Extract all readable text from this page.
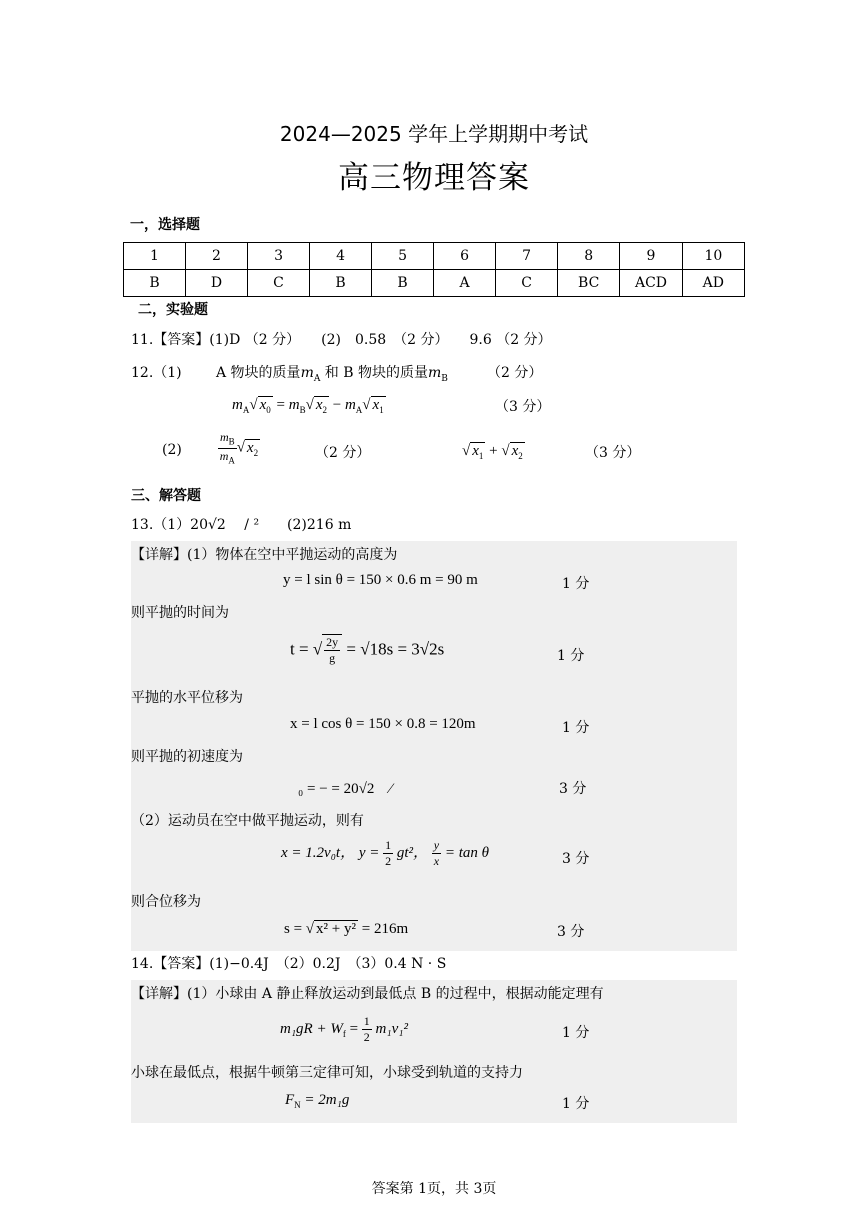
2024—2025 学年上学期期中考试
高三物理答案
一，选择题
1	2	3	4	5	6	7	8	9	10
B	D	C	B	B	A	C	BC	ACD	AD
二，实验题
11.【答案】(1)D （2 分）　　(2)　0.58　（2 分）　　9.6 （2 分）
12.（1) A 物块的质量$m_A$ 和 B 物块的质量$m_B$	（2 分）
$m_A√$ $x_0 = m_B√$ $x_2 - m_A√$ $x_1$	（3 分）
(2)	$\frac{m_B}{m_A}$ √ $x_2$	（2 分）	√ $x_1$ + √ $x_2$	（3 分）
三、解答题
13.（1）20√2　 / ²　　(2)216 m
【详解】(1）物体在空中平抛运动的高度为
y = l sin θ = 150 × 0.6 m = 90 m	1 分
则平抛的时间为
t = √ $\frac{2y}{g} = √18s = 3√2s$	1 分
平抛的水平位移为
x = l cos θ = 150 × 0.8 = 120m	1 分
则平抛的初速度为
₀ = − = 20√2　⁄	3 分
（2）运动员在空中做平抛运动，则有
x = 1.2v₀t， $y = \frac{1}{2} gt^2$， $\frac{y}{x} = \tan \theta$	3 分
则合位移为
s = √ x² + y² = 216m	3 分
14.【答案】(1)−0.4J　（2）0.2J　（3）0.4 N · S
【详解】(1）小球由 A 静止释放运动到最低点 B 的过程中，根据动能定理有
$m_1gR + W_f = \frac{1}{2} m_1v_1^2$	1 分
小球在最低点，根据牛顿第三定律可知，小球受到轨道的支持力
$F_N = 2m_1g$	1 分
答案第 1页，共 3页
